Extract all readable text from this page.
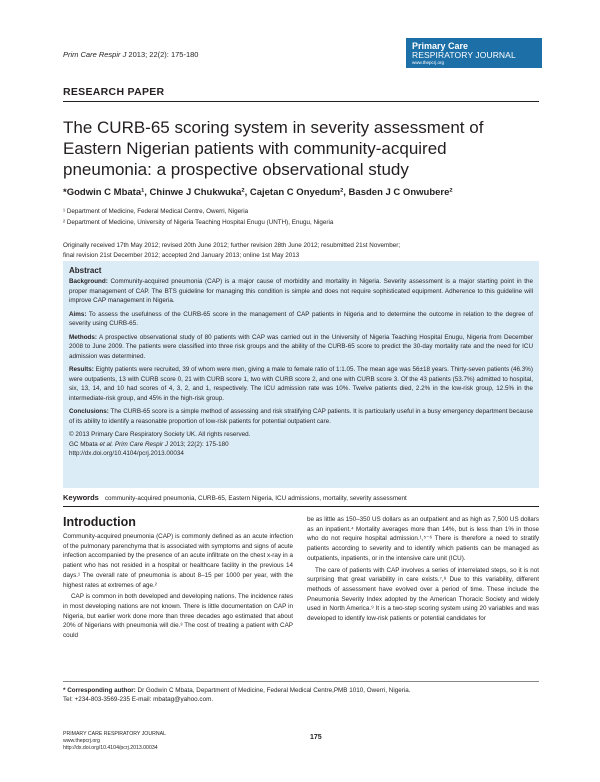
Prim Care Respir J 2013; 22(2): 175-180
Primary Care
RESPIRATORY JOURNAL
www.thepcrj.org
RESEARCH PAPER
The CURB-65 scoring system in severity assessment of Eastern Nigerian patients with community-acquired pneumonia: a prospective observational study
*Godwin C Mbata¹, Chinwe J Chukwuka², Cajetan C Onyedum², Basden J C Onwubere²
¹ Department of Medicine, Federal Medical Centre, Owerri, Nigeria
² Department of Medicine, University of Nigeria Teaching Hospital Enugu (UNTH), Enugu, Nigeria
Abstract

Background: Community-acquired pneumonia (CAP) is a major cause of morbidity and mortality in Nigeria. Severity assessment is a major starting point in the proper management of CAP. The BTS guideline for managing this condition is simple and does not require sophisticated equipment. Adherence to this guideline will improve CAP management in Nigeria.

Aims: To assess the usefulness of the CURB-65 score in the management of CAP patients in Nigeria and to determine the outcome in relation to the degree of severity using CURB-65.

Methods: A prospective observational study of 80 patients with CAP was carried out in the University of Nigeria Teaching Hospital Enugu, Nigeria from December 2008 to June 2009. The patients were classified into three risk groups and the ability of the CURB-65 score to predict the 30-day mortality rate and the need for ICU admission was determined.

Results: Eighty patients were recruited, 39 of whom were men, giving a male to female ratio of 1:1.05. The mean age was 56±18 years. Thirty-seven patients (46.3%) were outpatients, 13 with CURB score 0, 21 with CURB score 1, two with CURB score 2, and one with CURB score 3. Of the 43 patients (53.7%) admitted to hospital, six, 13, 14, and 10 had scores of 4, 3, 2, and 1, respectively. The ICU admission rate was 10%. Twelve patients died, 2.2% in the low-risk group, 12.5% in the intermediate-risk group, and 45% in the high-risk group.

Conclusions: The CURB-65 score is a simple method of assessing and risk stratifying CAP patients. It is particularly useful in a busy emergency department because of its ability to identify a reasonable proportion of low-risk patients for potential outpatient care.

© 2013 Primary Care Respiratory Society UK. All rights reserved.

GC Mbata et al. Prim Care Respir J 2013; 22(2): 175-180

http://dx.doi.org/10.4104/pcrj.2013.00034

Originally received 17th May 2012; revised 20th June 2012; further revision 28th June 2012; resubmitted 21st November;
final revision 21st December 2012; accepted 2nd January 2013; online 1st May 2013
Keywords community-acquired pneumonia, CURB-65, Eastern Nigeria, ICU admissions, mortality, severity assessment
Introduction

Community-acquired pneumonia (CAP) is commonly defined as an acute infection of the pulmonary parenchyma that is associated with symptoms and signs of acute infection accompanied by the presence of an acute infiltrate on the chest x-ray in a patient who has not resided in a hospital or healthcare facility in the previous 14 days.¹ The overall rate of pneumonia is about 8–15 per 1000 per year, with the highest rates at extremes of age.²

CAP is common in both developed and developing nations. The incidence rates in most developing nations are not known. There is little documentation on CAP in Nigeria, but earlier work done more than three decades ago estimated that about 20% of Nigerians with pneumonia will die.³ The cost of treating a patient with CAP could

be as little as 150–350 US dollars as an outpatient and as high as 7,500 US dollars as an inpatient.⁴ Mortality averages more than 14%, but is less than 1% in those who do not require hospital admission.¹,⁵⁻⁶ There is therefore a need to stratify patients according to severity and to identify which patients can be managed as outpatients, inpatients, or in the intensive care unit (ICU).

The care of patients with CAP involves a series of interrelated steps, so it is not surprising that great variability in care exists.⁷,⁸ Due to this variability, different methods of assessment have evolved over a period of time. These include the Pneumonia Severity Index adopted by the American Thoracic Society and widely used in North America.⁹ It is a two-step scoring system using 20 variables and was developed to identify low-risk patients or potential candidates for

* Corresponding author: Dr Godwin C Mbata, Department of Medicine, Federal Medical Centre,PMB 1010, Owerri, Nigeria.
Tel: +234-803-3569-235 E-mail: mbatag@yahoo.com.
PRIMARY CARE RESPIRATORY JOURNAL
www.thepcrj.org
http://dx.doi.org/10.4104/pcrj.2013.00034
175
